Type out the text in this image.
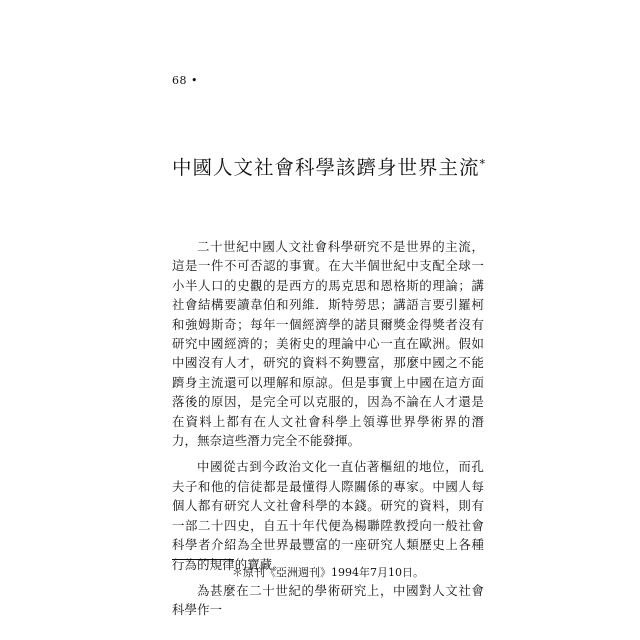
68 •
中國人文社會科學該躋身世界主流*

二十世紀中國人文社會科學研究不是世界的主流，這是一件不可否認的事實。在大半個世紀中支配全球一小半人口的史觀的是西方的馬克思和恩格斯的理論；講社會結構要讀韋伯和列維．斯特勞思；講語言要引羅柯和強姆斯奇；每年一個經濟學的諾貝爾獎金得獎者沒有研究中國經濟的；美術史的理論中心一直在歐洲。假如中國沒有人才，研究的資料不夠豐富，那麼中國之不能躋身主流還可以理解和原諒。但是事實上中國在這方面落後的原因，是完全可以克服的，因為不論在人才還是在資料上都有在人文社會科學上領導世界學術界的潛力，無奈這些潛力完全不能發揮。

中國從古到今政治文化一直佔著樞紐的地位，而孔夫子和他的信徒都是最懂得人際關係的專家。中國人每個人都有研究人文社會科學的本錢。研究的資料，則有一部二十四史，自五十年代便為楊聯陞教授向一般社會科學者介紹為全世界最豐富的一座研究人類歷史上各種行為的規律的寶藏。

為甚麼在二十世紀的學術研究上，中國對人文社會科學作一

＊原刊《亞洲週刊》1994年7月10日。
